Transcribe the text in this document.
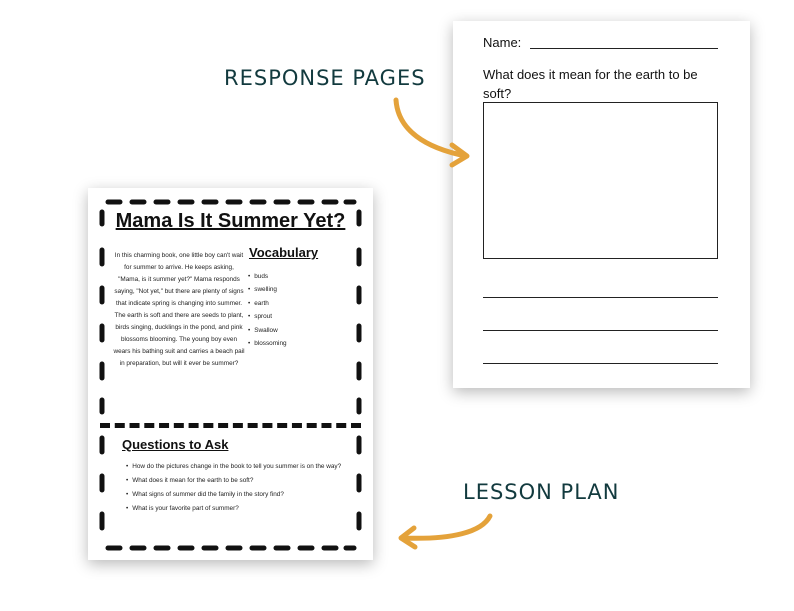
Name:
What does it mean for the earth to be soft?
Mama Is It Summer Yet?
In this charming book, one little boy can't wait for summer to arrive. He keeps asking, "Mama, is it summer yet?" Mama responds saying, "Not yet," but there are plenty of signs that indicate spring is changing into summer. The earth is soft and there are seeds to plant, birds singing, ducklings in the pond, and pink blossoms blooming. The young boy even wears his bathing suit and carries a beach pail in preparation, but will it ever be summer?
Vocabulary
• buds
• swelling
• earth
• sprout
• Swallow
• blossoming
Questions to Ask
• How do the pictures change in the book to tell you summer is on the way?
• What does it mean for the earth to be soft?
• What signs of summer did the family in the story find?
• What is your favorite part of summer?
RESPONSE PAGES
LESSON PLAN
